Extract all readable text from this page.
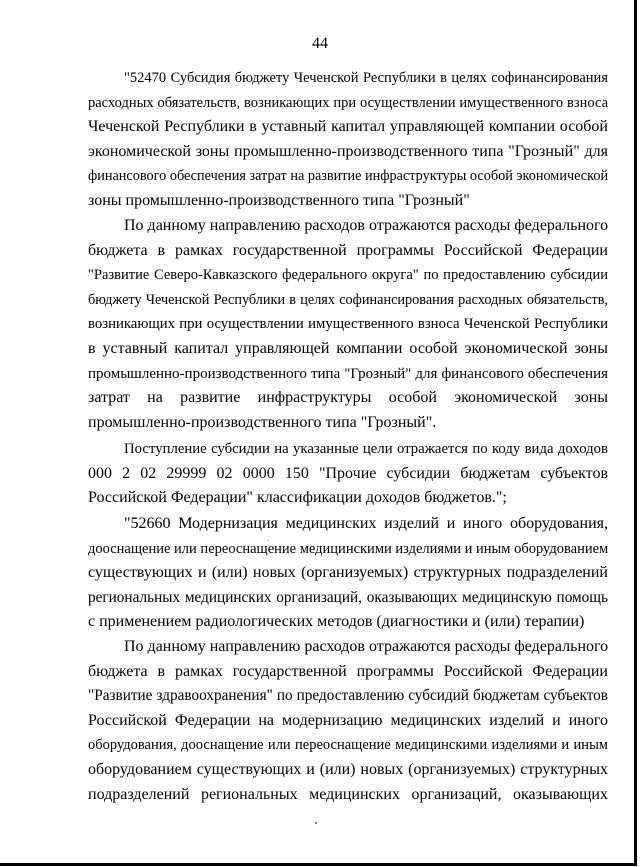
44
"52470 Субсидия бюджету Чеченской Республики в целях софинансирования
расходных обязательств, возникающих при осуществлении имущественного взноса
Чеченской Республики в уставный капитал управляющей компании особой
экономической зоны промышленно-производственного типа "Грозный" для
финансового обеспечения затрат на развитие инфраструктуры особой экономической
зоны промышленно-производственного типа "Грозный"
По данному направлению расходов отражаются расходы федерального
бюджета в рамках государственной программы Российской Федерации
"Развитие Северо-Кавказского федерального округа" по предоставлению субсидии
бюджету Чеченской Республики в целях софинансирования расходных обязательств,
возникающих при осуществлении имущественного взноса Чеченской Республики
в уставный капитал управляющей компании особой экономической зоны
промышленно-производственного типа "Грозный" для финансового обеспечения
затрат на развитие инфраструктуры особой экономической зоны
промышленно-производственного типа "Грозный".
Поступление субсидии на указанные цели отражается по коду вида доходов
000 2 02 29999 02 0000 150 "Прочие субсидии бюджетам субъектов
Российской Федерации" классификации доходов бюджетов.";
"52660 Модернизация медицинских изделий и иного оборудования,
дооснащение или переоснащение медицинскими изделиями и иным оборудованием
существующих и (или) новых (организуемых) структурных подразделений
региональных медицинских организаций, оказывающих медицинскую помощь
с применением радиологических методов (диагностики и (или) терапии)
По данному направлению расходов отражаются расходы федерального
бюджета в рамках государственной программы Российской Федерации
"Развитие здравоохранения" по предоставлению субсидий бюджетам субъектов
Российской Федерации на модернизацию медицинских изделий и иного
оборудования, дооснащение или переоснащение медицинскими изделиями и иным
оборудованием существующих и (или) новых (организуемых) структурных
подразделений региональных медицинских организаций, оказывающих
